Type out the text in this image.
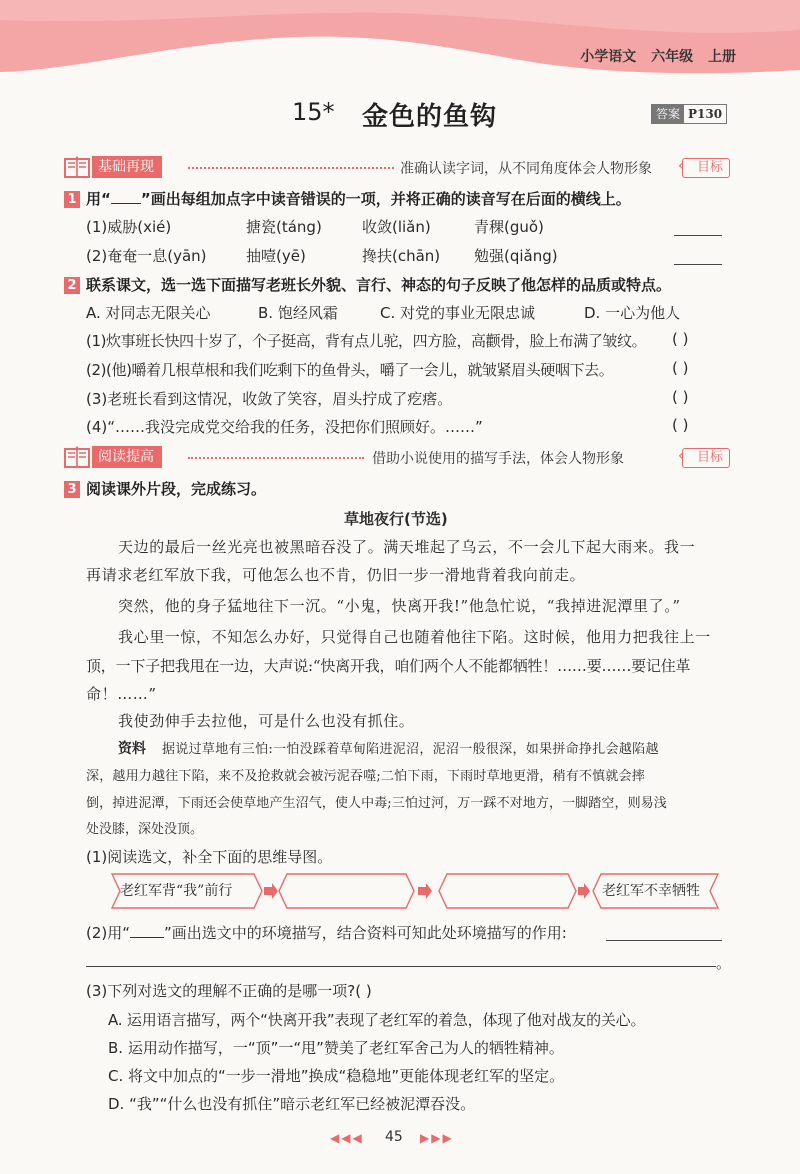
小学语文 六年级 上册
15* 金色的鱼钩	答案 P130
基础再现	准确认读字词，从不同角度体会人物形象	目标
‹
1 用“ ”画出每组加点字中读音错误的一项，并将正确的读音写在后面的横线上。
(1)威胁(xié)	搪瓷(táng)	收敛(liǎn)	青稞(guǒ)
(2)奄奄一息(yān)	抽噎(yē)	搀扶(chān) 勉强(qiǎng)
2 联系课文，选一选下面描写老班长外貌、言行、神态的句子反映了他怎样的品质或特点。
A. 对同志无限关心	B. 饱经风霜	C. 对党的事业无限忠诚	D. 一心为他人
(1)炊事班长快四十岁了，个子挺高，背有点儿驼，四方脸，高颧骨，脸上布满了皱纹。 ( )
(2)(他)嚼着几根草根和我们吃剩下的鱼骨头，嚼了一会儿，就皱紧眉头硬咽下去。	( )
(3)老班长看到这情况，收敛了笑容，眉头拧成了疙瘩。	( )
(4)“……我没完成党交给我的任务，没把你们照顾好。……”	( )
阅读提高	借助小说使用的描写手法，体会人物形象	目标
‹
3 阅读课外片段，完成练习。
草地夜行(节选)
天边的最后一丝光亮也被黑暗吞没了。满天堆起了乌云，不一会儿下起大雨来。我一
再请求老红军放下我，可他怎么也不肯，仍旧一步一滑地背着我向前走。
突然，他的身子猛地往下一沉。“小鬼，快离开我!”他急忙说，“我掉进泥潭里了。”
我心里一惊，不知怎么办好，只觉得自己也随着他往下陷。这时候，他用力把我往上一
顶，一下子把我甩在一边，大声说:“快离开我，咱们两个人不能都牺牲！……要……要记住革
命！……”
我使劲伸手去拉他，可是什么也没有抓住。
资料 据说过草地有三怕:一怕没踩着草甸陷进泥沼，泥沼一般很深，如果拼命挣扎会越陷越
深，越用力越往下陷，来不及抢救就会被污泥吞噬;二怕下雨，下雨时草地更滑，稍有不慎就会摔
倒，掉进泥潭，下雨还会使草地产生沼气，使人中毒;三怕过河，万一踩不对地方，一脚踏空，则易浅
处没膝，深处没顶。
(1)阅读选文，补全下面的思维导图。
老红军背“我”前行	老红军不幸牺牲
(2)用“ ”画出选文中的环境描写，结合资料可知此处环境描写的作用:
。
(3)下列对选文的理解不正确的是哪一项?( )
A. 运用语言描写，两个“快离开我”表现了老红军的着急，体现了他对战友的关心。
B. 运用动作描写，一“顶”一“甩”赞美了老红军舍己为人的牺牲精神。
C. 将文中加点的“一步一滑地”换成“稳稳地”更能体现老红军的坚定。
D. “我”“什么也没有抓住”暗示老红军已经被泥潭吞没。
◀◀◀ 45 ▶▶▶
